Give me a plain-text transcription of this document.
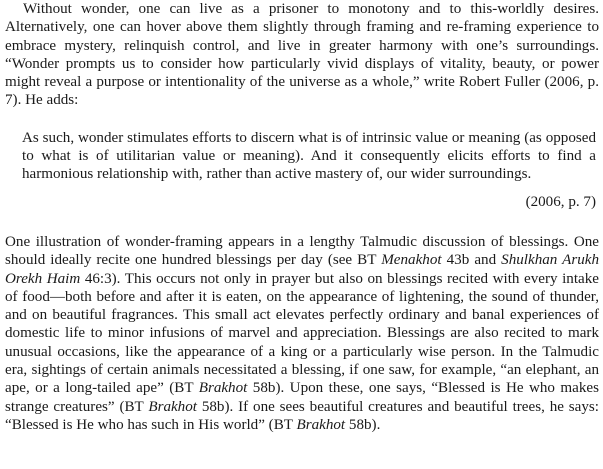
Without wonder, one can live as a prisoner to monotony and to this-worldly desires. Alternatively, one can hover above them slightly through framing and re-framing experience to embrace mystery, relinquish control, and live in greater harmony with one’s surroundings. “Wonder prompts us to consider how particularly vivid displays of vitality, beauty, or power might reveal a purpose or intentionality of the universe as a whole,” write Robert Fuller (2006, p. 7). He adds:

As such, wonder stimulates efforts to discern what is of intrinsic value or meaning (as opposed to what is of utilitarian value or meaning). And it consequently elicits efforts to find a harmonious relationship with, rather than active mastery of, our wider surroundings.

(2006, p. 7)

One illustration of wonder-framing appears in a lengthy Talmudic discussion of blessings. One should ideally recite one hundred blessings per day (see BT Menakhot 43b and Shulkhan Arukh Orekh Haim 46:3). This occurs not only in prayer but also on blessings recited with every intake of food—both before and after it is eaten, on the appearance of lightening, the sound of thunder, and on beautiful fragrances. This small act elevates perfectly ordinary and banal experiences of domestic life to minor infusions of marvel and appreciation. Blessings are also recited to mark unusual occasions, like the appearance of a king or a particularly wise person. In the Talmudic era, sightings of certain animals necessitated a blessing, if one saw, for example, “an elephant, an ape, or a long-tailed ape” (BT Brakhot 58b). Upon these, one says, “Blessed is He who makes strange creatures” (BT Brakhot 58b). If one sees beautiful creatures and beautiful trees, he says: “Blessed is He who has such in His world” (BT Brakhot 58b).
